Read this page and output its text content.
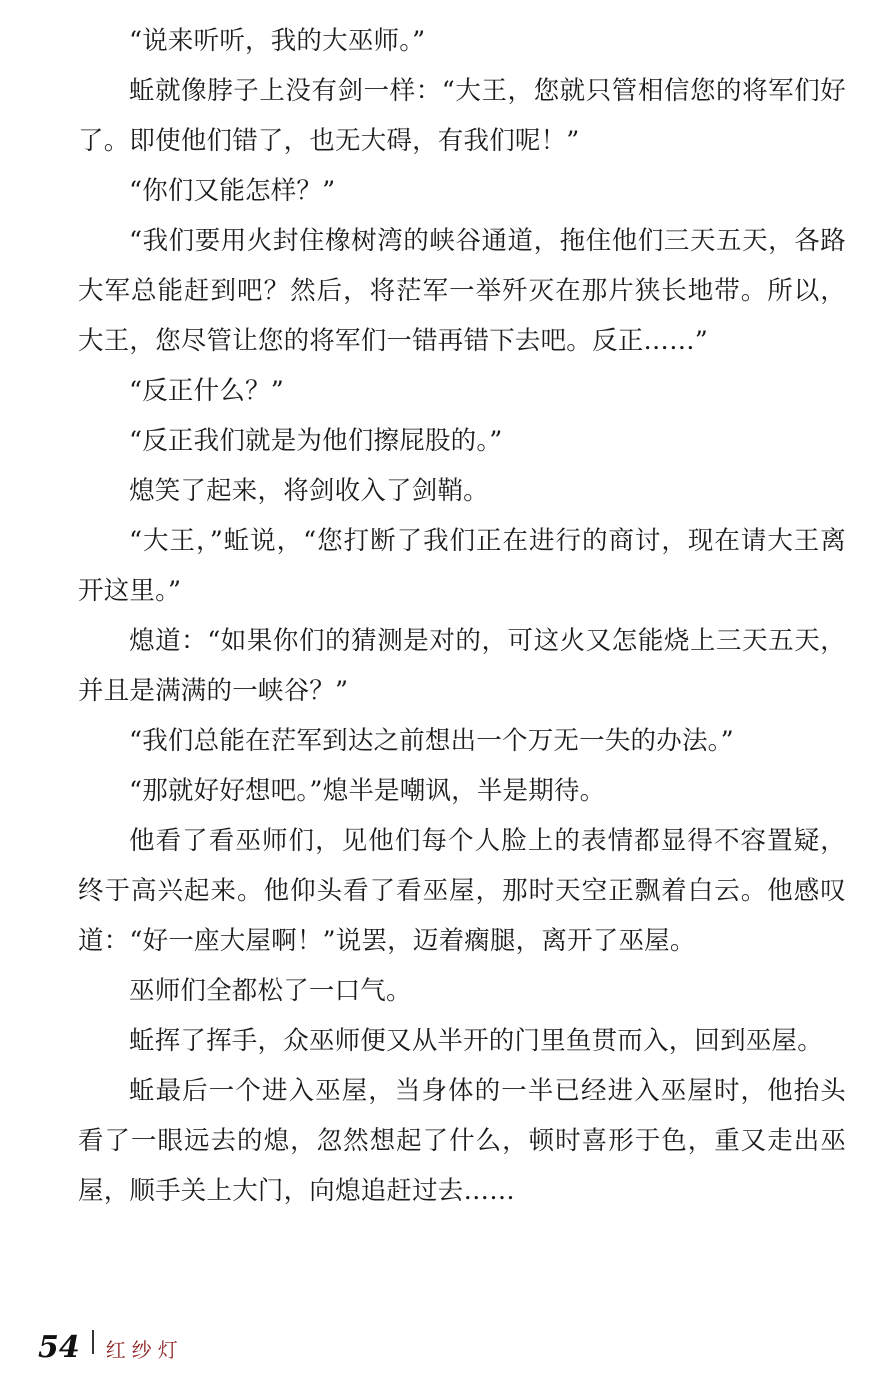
“说来听听，我的大巫师。”

蚯就像脖子上没有剑一样：“大王，您就只管相信您的将军们好了。即使他们错了，也无大碍，有我们呢！”

“你们又能怎样？”

“我们要用火封住橡树湾的峡谷通道，拖住他们三天五天，各路大军总能赶到吧？然后，将茫军一举歼灭在那片狭长地带。所以，大王，您尽管让您的将军们一错再错下去吧。反正……”

“反正什么？”

“反正我们就是为他们擦屁股的。”

熄笑了起来，将剑收入了剑鞘。

“大王，”蚯说，“您打断了我们正在进行的商讨，现在请大王离开这里。”

熄道：“如果你们的猜测是对的，可这火又怎能烧上三天五天，并且是满满的一峡谷？”

“我们总能在茫军到达之前想出一个万无一失的办法。”

“那就好好想吧。”熄半是嘲讽，半是期待。

他看了看巫师们，见他们每个人脸上的表情都显得不容置疑，终于高兴起来。他仰头看了看巫屋，那时天空正飘着白云。他感叹道：“好一座大屋啊！”说罢，迈着瘸腿，离开了巫屋。

巫师们全都松了一口气。

蚯挥了挥手，众巫师便又从半开的门里鱼贯而入，回到巫屋。

蚯最后一个进入巫屋，当身体的一半已经进入巫屋时，他抬头看了一眼远去的熄，忽然想起了什么，顿时喜形于色，重又走出巫屋，顺手关上大门，向熄追赶过去……

54 红纱灯
